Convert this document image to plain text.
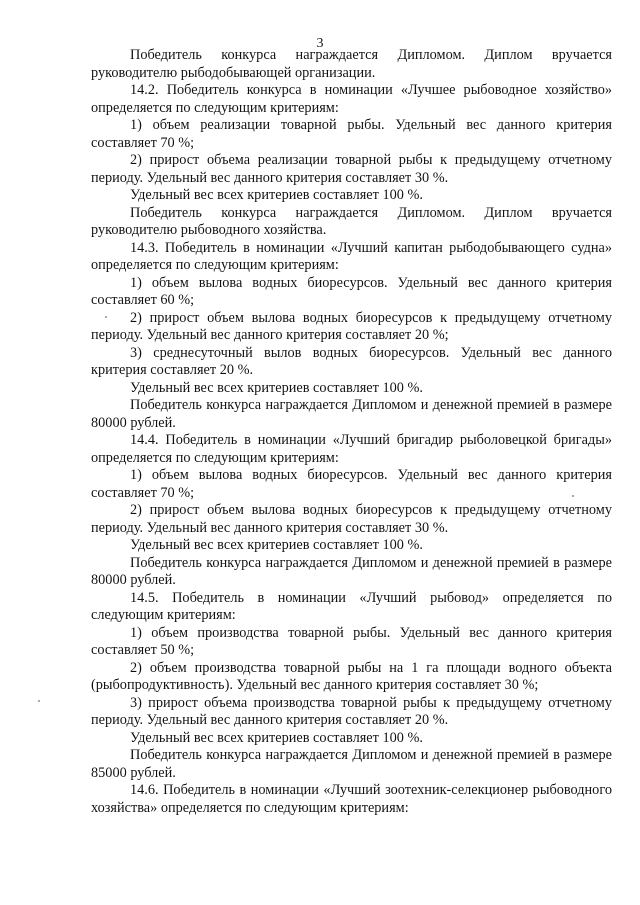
3

Победитель конкурса награждается Дипломом. Диплом вручается руководителю рыбодобывающей организации.

14.2. Победитель конкурса в номинации «Лучшее рыбоводное хозяйство» определяется по следующим критериям:

1) объем реализации товарной рыбы. Удельный вес данного критерия составляет 70 %;

2) прирост объема реализации товарной рыбы к предыдущему отчетному периоду. Удельный вес данного критерия составляет 30 %.

Удельный вес всех критериев составляет 100 %.

Победитель конкурса награждается Дипломом. Диплом вручается руководителю рыбоводного хозяйства.

14.3. Победитель в номинации «Лучший капитан рыбодобывающего судна» определяется по следующим критериям:

1) объем вылова водных биоресурсов. Удельный вес данного критерия составляет 60 %;

2) прирост объем вылова водных биоресурсов к предыдущему отчетному периоду. Удельный вес данного критерия составляет 20 %;

3) среднесуточный вылов водных биоресурсов. Удельный вес данного критерия составляет 20 %.

Удельный вес всех критериев составляет 100 %.

Победитель конкурса награждается Дипломом и денежной премией в размере 80000 рублей.

14.4. Победитель в номинации «Лучший бригадир рыболовецкой бригады» определяется по следующим критериям:

1) объем вылова водных биоресурсов. Удельный вес данного критерия составляет 70 %;

2) прирост объем вылова водных биоресурсов к предыдущему отчетному периоду. Удельный вес данного критерия составляет 30 %.

Удельный вес всех критериев составляет 100 %.

Победитель конкурса награждается Дипломом и денежной премией в размере 80000 рублей.

14.5. Победитель в номинации «Лучший рыбовод» определяется по следующим критериям:

1) объем производства товарной рыбы. Удельный вес данного критерия составляет 50 %;

2) объем производства товарной рыбы на 1 га площади водного объекта (рыбопродуктивность). Удельный вес данного критерия составляет 30 %;

3) прирост объема производства товарной рыбы к предыдущему отчетному периоду. Удельный вес данного критерия составляет 20 %.

Удельный вес всех критериев составляет 100 %.

Победитель конкурса награждается Дипломом и денежной премией в размере 85000 рублей.

14.6. Победитель в номинации «Лучший зоотехник-селекционер рыбоводного хозяйства» определяется по следующим критериям:
